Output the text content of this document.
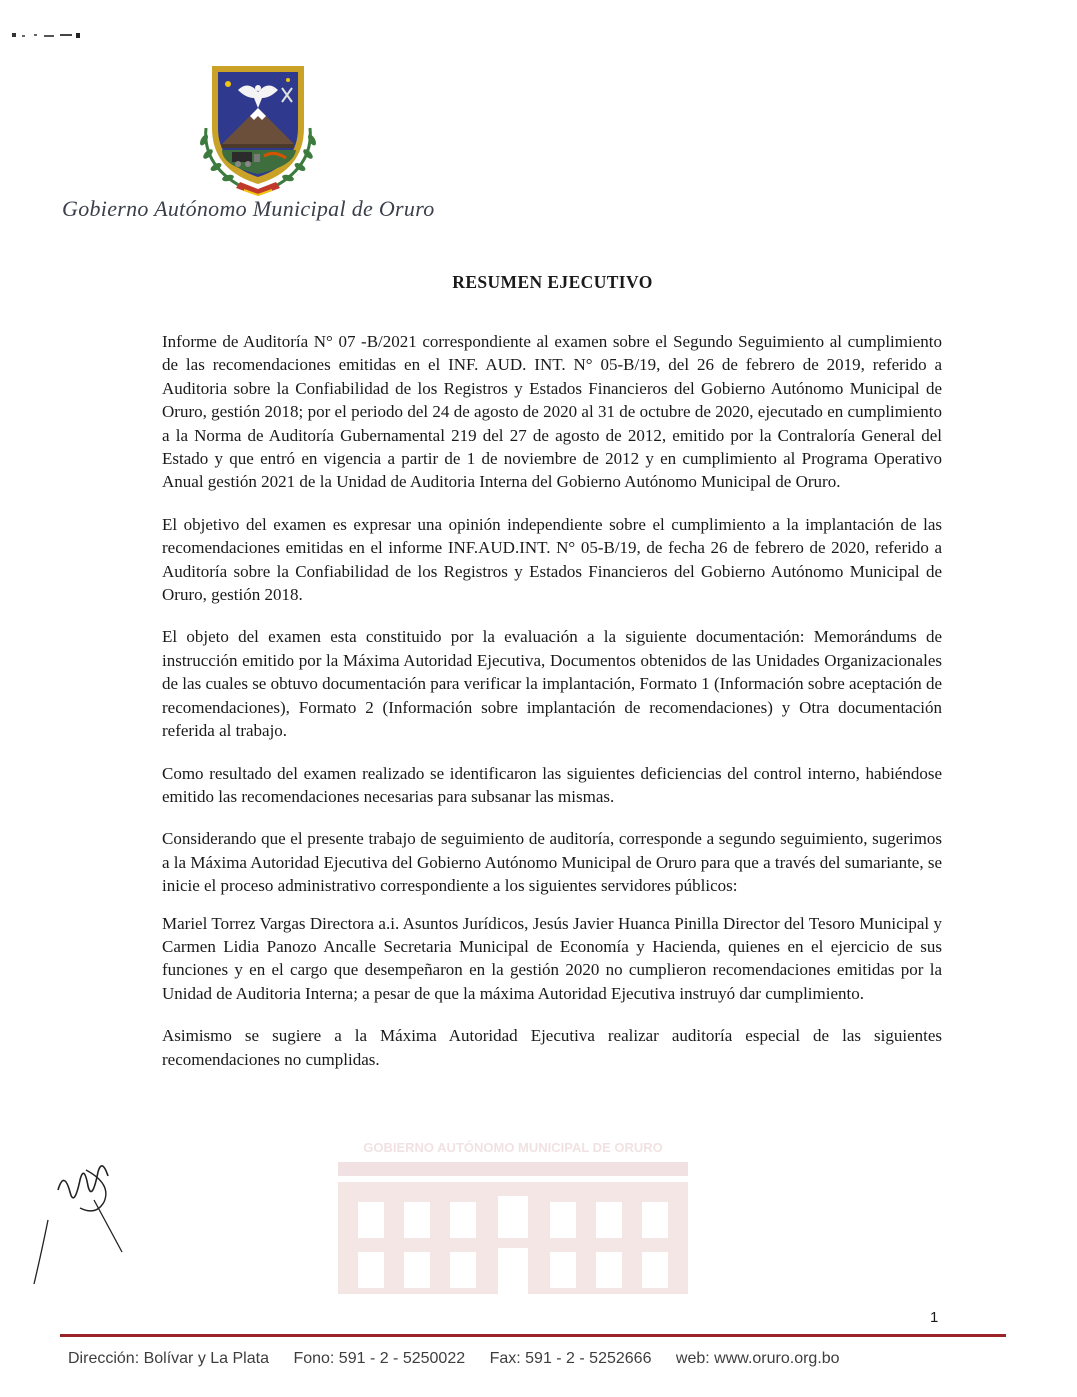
Gobierno Autónomo Municipal de Oruro
RESUMEN EJECUTIVO
GOBIERNO AUTÓNOMO MUNICIPAL DE ORURO

Informe de Auditoría N° 07 -B/2021 correspondiente al examen sobre el Segundo Seguimiento al cumplimiento de las recomendaciones emitidas en el INF. AUD. INT. N° 05-B/19, del 26 de febrero de 2019, referido a Auditoria sobre la Confiabilidad de los Registros y Estados Financieros del Gobierno Autónomo Municipal de Oruro, gestión 2018; por el periodo del 24 de agosto de 2020 al 31 de octubre de 2020, ejecutado en cumplimiento a la Norma de Auditoría Gubernamental 219 del 27 de agosto de 2012, emitido por la Contraloría General del Estado y que entró en vigencia a partir de 1 de noviembre de 2012 y en cumplimiento al Programa Operativo Anual gestión 2021 de la Unidad de Auditoria Interna del Gobierno Autónomo Municipal de Oruro.

El objetivo del examen es expresar una opinión independiente sobre el cumplimiento a la implantación de las recomendaciones emitidas en el informe INF.AUD.INT. N° 05-B/19, de fecha 26 de febrero de 2020, referido a Auditoría sobre la Confiabilidad de los Registros y Estados Financieros del Gobierno Autónomo Municipal de Oruro, gestión 2018.

El objeto del examen esta constituido por la evaluación a la siguiente documentación: Memorándums de instrucción emitido por la Máxima Autoridad Ejecutiva, Documentos obtenidos de las Unidades Organizacionales de las cuales se obtuvo documentación para verificar la implantación, Formato 1 (Información sobre aceptación de recomendaciones), Formato 2 (Información sobre implantación de recomendaciones) y Otra documentación referida al trabajo.

Como resultado del examen realizado se identificaron las siguientes deficiencias del control interno, habiéndose emitido las recomendaciones necesarias para subsanar las mismas.

Considerando que el presente trabajo de seguimiento de auditoría, corresponde a segundo seguimiento, sugerimos a la Máxima Autoridad Ejecutiva del Gobierno Autónomo Municipal de Oruro para que a través del sumariante, se inicie el proceso administrativo correspondiente a los siguientes servidores públicos:

Mariel Torrez Vargas Directora a.i. Asuntos Jurídicos, Jesús Javier Huanca Pinilla Director del Tesoro Municipal y Carmen Lidia Panozo Ancalle Secretaria Municipal de Economía y Hacienda, quienes en el ejercicio de sus funciones y en el cargo que desempeñaron en la gestión 2020 no cumplieron recomendaciones emitidas por la Unidad de Auditoria Interna; a pesar de que la máxima Autoridad Ejecutiva instruyó dar cumplimiento.

Asimismo se sugiere a la Máxima Autoridad Ejecutiva realizar auditoría especial de las siguientes recomendaciones no cumplidas.

1
Dirección: Bolívar y La Plata Fono: 591 - 2 - 5250022 Fax: 591 - 2 - 5252666 web: www.oruro.org.bo
